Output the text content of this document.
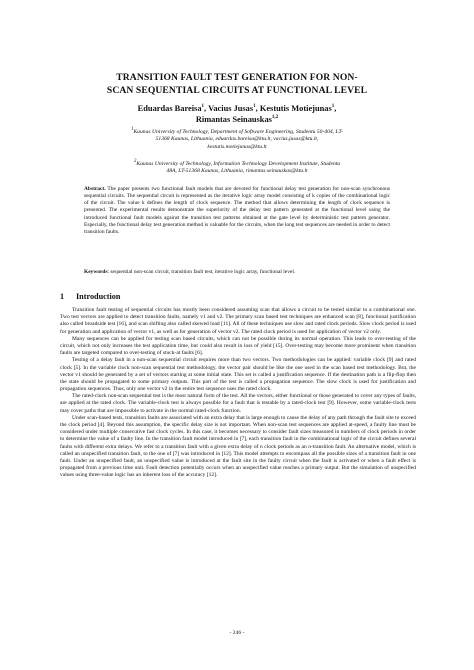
TRANSITION FAULT TEST GENERATION FOR NON-
SCAN SEQUENTIAL CIRCUITS AT FUNCTIONAL LEVEL
Eduardas Bareisa$^1$, Vacius Jusas$^1$, Kestutis Motiejunas$^1$,
Rimantas Seinauskas$^{1,2}$
$^1$Kaunas University of Technology, Department of Software Engineering, Studentu 50-404, LT-
51368 Kaunas, Lithuania, eduardas.bareisa@ktu.lt, vacius.jusas@ktu.lt,
kestutis.motiejunas@ktu.lt
$^2$Kaunas University of Technology, Information Technology Development Institute, Studentu
48A, LT-51368 Kaunas, Lithuania, rimantas.seinauskas@ktu.lt
Abstract. The paper presents two functional fault models that are devoted for functional delay test generation for non-scan synchronous sequential circuits. The sequential circuit is represented as the iterative logic array model consisting of k copies of the combinational logic of the circuit. The value k defines the length of clock sequence. The method that allows determining the length of clock sequence is presented. The experimental results demonstrate the superiority of the delay test pattern generated at the functional level using the introduced functional fault models against the transition test patterns obtained at the gate level by deterministic test pattern generator. Especially, the functional delay test generation method is valuable for the circuits, when the long test sequences are needed in order to detect transition faults.
Keywords: sequential non-scan circuit, transition fault test, iterative logic array, functional level.
1 Introduction

Transition fault testing of sequential circuits has mostly been considered assuming scan that allows a circuit to be tested similar to a combinational one. Two test vectors are applied to detect transition faults, namely v1 and v2. The primary scan based test techniques are enhanced scan [8], functional justification also called broadside test [16], and scan shifting also called skewed load [11]. All of these techniques use slow and rated clock periods. Slow clock period is used for generation and application of vector v1, as well as for generation of vector v2. The rated clock period is used for application of vector v2 only.

Many sequences can be applied for testing scan based circuits, which can not be possible during its normal operation. This leads to over-testing of the circuit, which not only increases the test application time, but could also result in loss of yield [15]. Over-testing may become more prominent when transition faults are targeted compared to over-testing of stuck-at faults [6].

Testing of a delay fault in a non-scan sequential circuit requires more than two vectors. Two methodologies can be applied: variable clock [9] and rated clock [5]. In the variable clock non-scan sequential test methodology, the vector pair should be like the one used in the scan based test methodology. But, the vector v1 should be generated by a set of vectors starting at some initial state. This set is called a justification sequence. If the destination path is a flip-flop then the state should be propagated to some primary outputs. This part of the test is called a propagation sequence. The slow clock is used for justification and propagation sequences. Thus, only one vector v2 in the entire test sequence uses the rated clock.

The rated-clock non-scan sequential test is the most natural form of the test. All the vectors, either functional or those generated to cover any types of faults, are applied at the rated clock. The variable-clock test is always possible for a fault that is testable by a rated-clock test [9]. However, some variable-clock tests may cover paths that are impossible to activate in the normal rated-clock function.

Under scan-based tests, transition faults are associated with an extra delay that is large enough to cause the delay of any path through the fault site to exceed the clock period [4]. Beyond this assumption, the specific delay size is not important. When non-scan test sequences are applied at-speed, a faulty line must be considered under multiple consecutive fast clock cycles. In this case, it becomes necessary to consider fault sizes measured in numbers of clock periods in order to determine the value of a faulty line. In the transition fault model introduced in [7], each transition fault in the combinational logic of the circuit defines several faults with different extra delays. We refer to a transition fault with a given extra delay of n clock periods as an n-transition fault. An alternative model, which is called an unspecified transition fault, to the one of [7] was introduced in [12]. This model attempts to encompass all the possible sizes of a transition fault in one fault. Under an unspecified fault, an unspecified value is introduced at the fault site in the faulty circuit when the fault is activated or when a fault effect is propagated from a previous time unit. Fault detection potentially occurs when an unspecified value reaches a primary output. But the simulation of unspecified values using three-value logic has an inherent loss of the accuracy [12].

- 246 -
